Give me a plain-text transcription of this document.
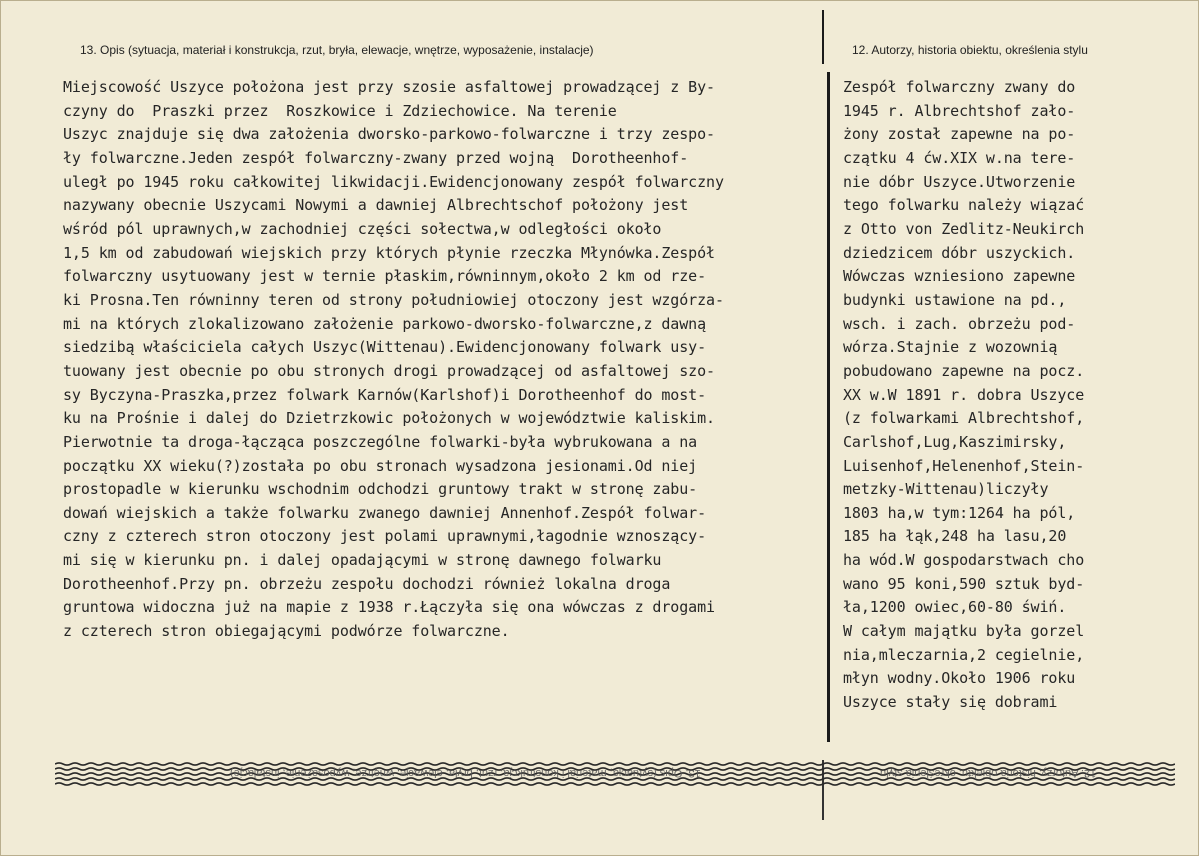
13. Opis (sytuacja, materiał i konstrukcja, rzut, bryła, elewacje, wnętrze, wyposażenie, instalacje)	12. Autorzy, historia obiektu, określenia stylu
Miejscowość Uszyce położona jest przy szosie asfaltowej prowadzącej z By-
czyny do  Praszki przez  Roszkowice i Zdziechowice. Na terenie
Uszyc znajduje się dwa założenia dworsko-parkowo-folwarczne i trzy zespo-
ły folwarczne.Jeden zespół folwarczny-zwany przed wojną  Dorotheenhof-
uległ po 1945 roku całkowitej likwidacji.Ewidencjonowany zespół folwarczny
nazywany obecnie Uszycami Nowymi a dawniej Albrechtschof położony jest
wśród pól uprawnych,w zachodniej części sołectwa,w odległości około
1,5 km od zabudowań wiejskich przy których płynie rzeczka Młynówka.Zespół
folwarczny usytuowany jest w ternie płaskim,równinnym,około 2 km od rze-
ki Prosna.Ten równinny teren od strony południowiej otoczony jest wzgórza-
mi na których zlokalizowano założenie parkowo-dworsko-folwarczne,z dawną
siedzibą właściciela całych Uszyc(Wittenau).Ewidencjonowany folwark usy-
tuowany jest obecnie po obu stronych drogi prowadzącej od asfaltowej szo-
sy Byczyna-Praszka,przez folwark Karnów(Karlshof)i Dorotheenhof do most-
ku na Prośnie i dalej do Dzietrzkowic położonych w województwie kaliskim.
Pierwotnie ta droga-łącząca poszczególne folwarki-była wybrukowana a na
początku XX wieku(?)została po obu stronach wysadzona jesionami.Od niej
prostopadle w kierunku wschodnim odchodzi gruntowy trakt w stronę zabu-
dowań wiejskich a także folwarku zwanego dawniej Annenhof.Zespół folwar-
czny z czterech stron otoczony jest polami uprawnymi,łagodnie wznoszący-
mi się w kierunku pn. i dalej opadającymi w stronę dawnego folwarku
Dorotheenhof.Przy pn. obrzeżu zespołu dochodzi również lokalna droga
gruntowa widoczna już na mapie z 1938 r.Łączyła się ona wówczas z drogami
z czterech stron obiegającymi podwórze folwarczne.
Zespół folwarczny zwany do
1945 r. Albrechtshof zało-
żony został zapewne na po-
czątku 4 ćw.XIX w.na tere-
nie dóbr Uszyce.Utworzenie
tego folwarku należy wiązać
z Otto von Zedlitz-Neukirch
dziedzicem dóbr uszyckich.
Wówczas wzniesiono zapewne
budynki ustawione na pd.,
wsch. i zach. obrzeżu pod-
wórza.Stajnie z wozownią
pobudowano zapewne na pocz.
XX w.W 1891 r. dobra Uszyce
(z folwarkami Albrechtshof,
Carlshof,Lug,Kaszimirsky,
Luisenhof,Helenenhof,Stein-
metzky-Wittenau)liczyły
1803 ha,w tym:1264 ha pól,
185 ha łąk,248 ha lasu,20
ha wód.W gospodarstwach cho
wano 95 koni,590 sztuk byd-
ła,1200 owiec,60-80 świń.
W całym majątku była gorzel
nia,mleczarnia,2 cegielnie,
młyn wodny.Około 1906 roku
Uszyce stały się dobrami
13. Opis (sytuacja, materiał i konstrukcja, rzut, bryła, elewacje, wnętrze, wyposażenie, instalacje)	12. Autorzy, historia obiektu, określenia stylu
